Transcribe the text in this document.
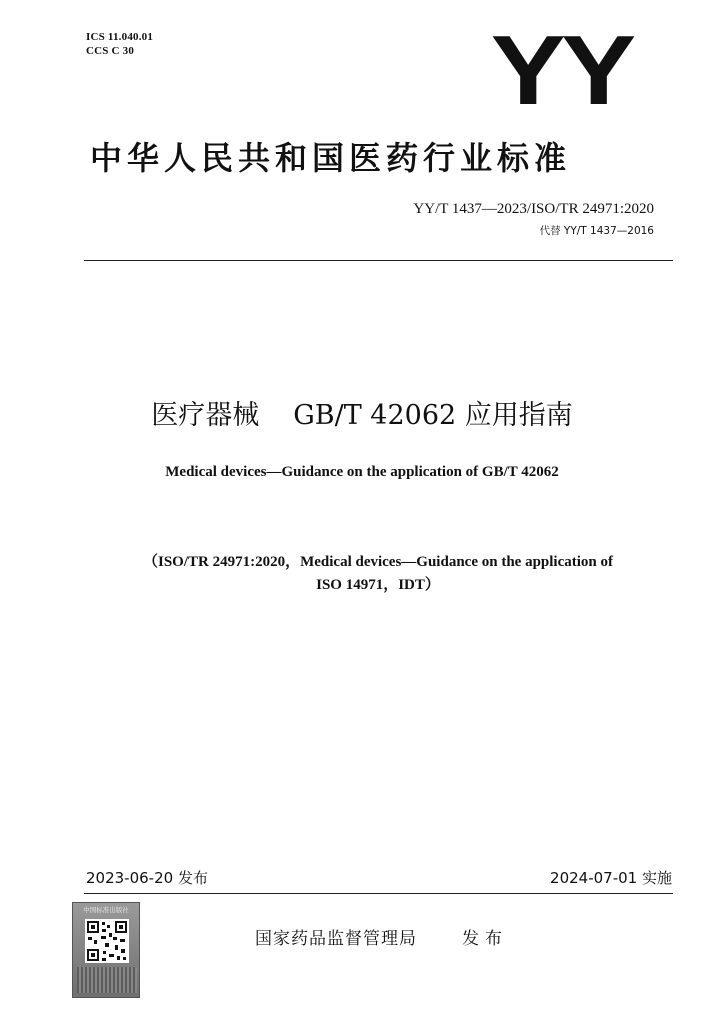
ICS 11.040.01
CCS C 30	YY
中华人民共和国医药行业标准
YY/T 1437—2023/ISO/TR 24971:2020
代替 YY/T 1437—2016
医疗器械 GB/T 42062 应用指南
Medical devices—Guidance on the application of GB/T 42062
（ISO/TR 24971:2020，Medical devices—Guidance on the application of
ISO 14971，IDT）
2023-06-20 发布	2024-07-01 实施
中国标准出版社
国家药品监督管理局	发布
